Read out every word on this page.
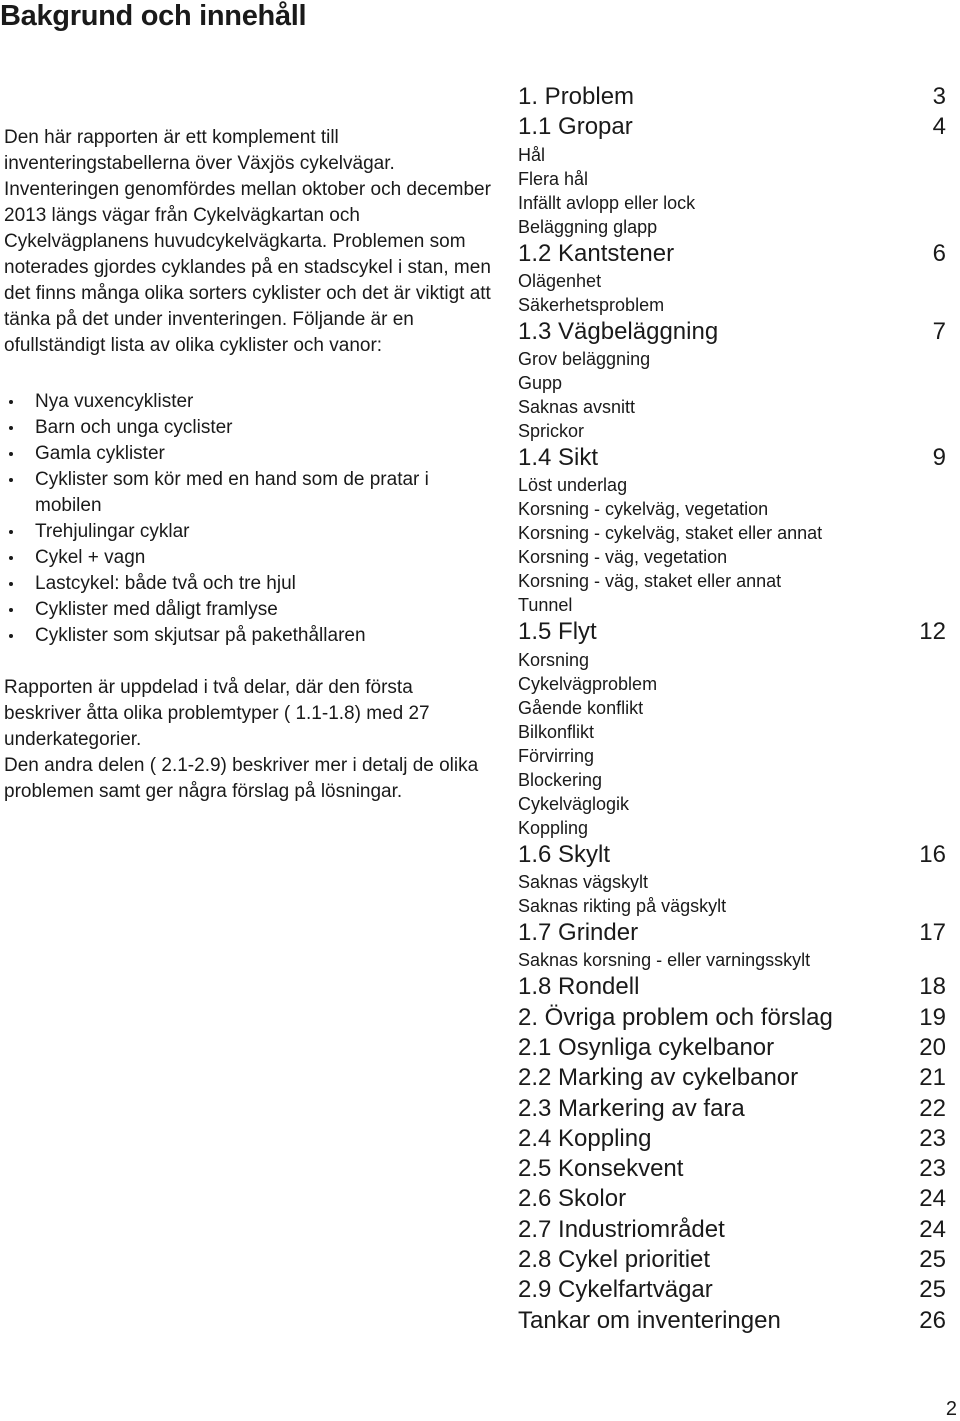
Bakgrund och innehåll

Den här rapporten är ett komplement till inventeringstabellerna över Växjös cykelvägar. Inventeringen genomfördes mellan oktober och december 2013 längs vägar från Cykelvägkartan och Cykelvägplanens huvudcykelvägkarta. Problemen som noterades gjordes cyklandes på en stadscykel i stan, men det finns många olika sorters cyklister och det är viktigt att tänka på det under inventeringen. Följande är en ofullständigt lista av olika cyklister och vanor:

Nya vuxencyklister
Barn och unga cyclister
Gamla cyklister
Cyklister som kör med en hand som de pratar i mobilen
Trehjulingar cyklar
Cykel + vagn
Lastcykel: både två och tre hjul
Cyklister med dåligt framlyse
Cyklister som skjutsar på pakethållaren

Rapporten är uppdelad i två delar, där den första beskriver åtta olika problemtyper ( 1.1-1.8) med 27 underkategorier.

Den andra delen ( 2.1-2.9) beskriver mer i detalj de olika problemen samt ger några förslag på lösningar.

1. Problem	3
1.1 Gropar	4
Hål
Flera hål
Infällt avlopp eller lock
Beläggning glapp
1.2 Kantstener	6
Olägenhet
Säkerhetsproblem
1.3 Vägbeläggning	7
Grov beläggning
Gupp
Saknas avsnitt
Sprickor
1.4 Sikt	9
Löst underlag
Korsning - cykelväg, vegetation
Korsning - cykelväg, staket eller annat
Korsning - väg, vegetation
Korsning - väg, staket eller annat
Tunnel
1.5 Flyt	12
Korsning
Cykelvägproblem
Gående konflikt
Bilkonflikt
Förvirring
Blockering
Cykelväglogik
Koppling
1.6 Skylt	16
Saknas vägskylt
Saknas rikting på vägskylt
1.7 Grinder	17
Saknas korsning - eller varningsskylt
1.8 Rondell	18
2. Övriga problem och förslag	19
2.1 Osynliga cykelbanor	20
2.2 Marking av cykelbanor	21
2.3 Markering av fara	22
2.4 Koppling	23
2.5 Konsekvent	23
2.6 Skolor	24
2.7 Industriområdet	24
2.8 Cykel prioritiet	25
2.9 Cykelfartvägar	25
Tankar om inventeringen	26
2
